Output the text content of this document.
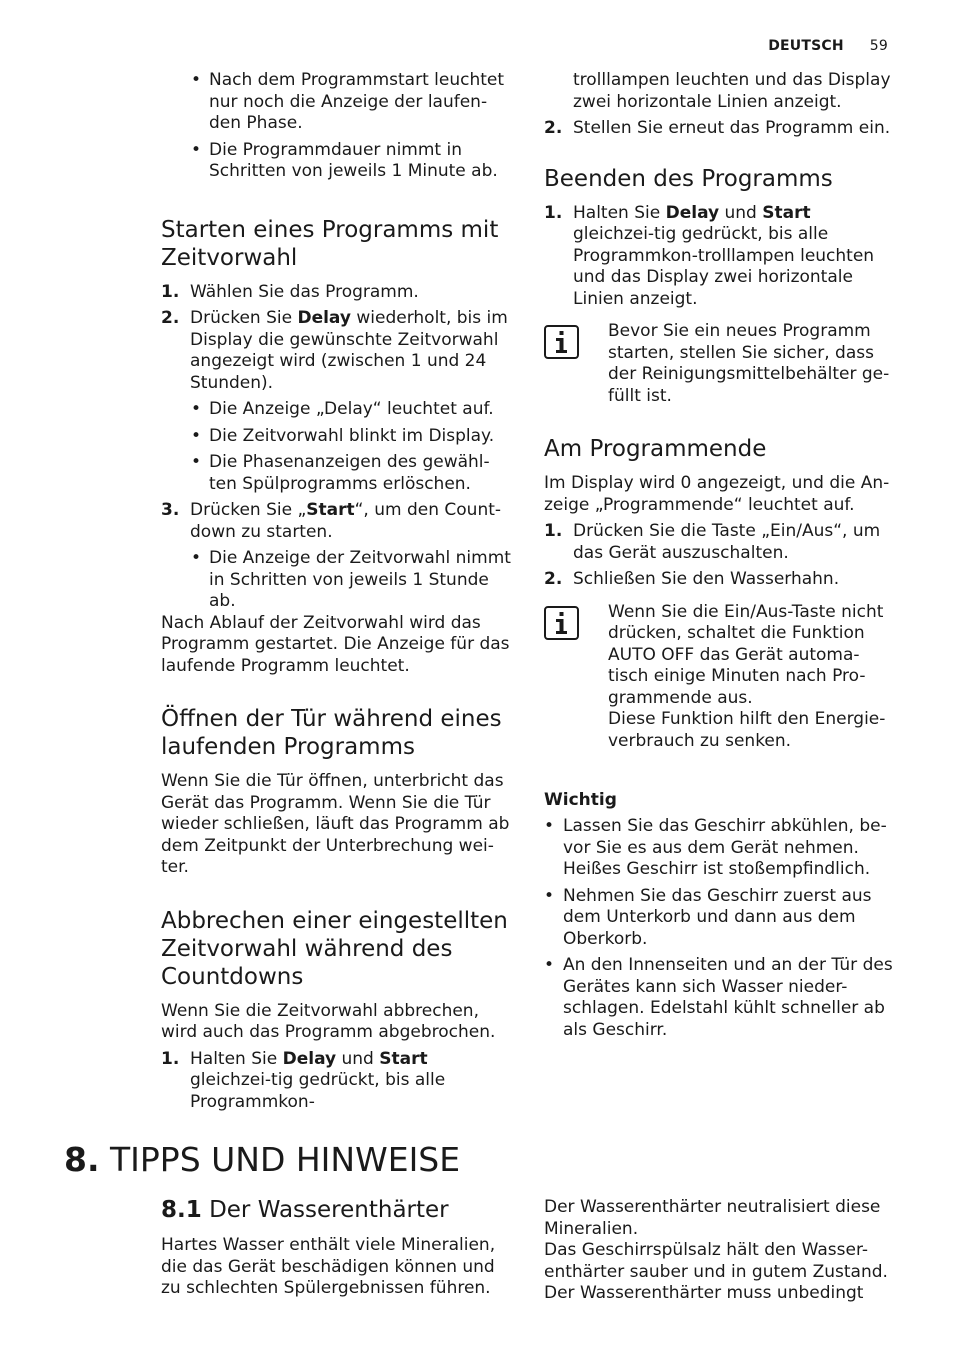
DEUTSCH 59
• Nach dem Programmstart leuchtet nur noch die Anzeige der laufen-den Phase.
• Die Programmdauer nimmt in Schritten von jeweils 1 Minute ab.
Starten eines Programms mit Zeitvorwahl
1. Wählen Sie das Programm.
2. Drücken Sie Delay wiederholt, bis im Display die gewünschte Zeitvorwahl angezeigt wird (zwischen 1 und 24 Stunden).
• Die Anzeige „Delay“ leuchtet auf.
• Die Zeitvorwahl blinkt im Display.
• Die Phasenanzeigen des gewähl-ten Spülprogramms erlöschen.
3. Drücken Sie „Start“, um den Count-down zu starten.
• Die Anzeige der Zeitvorwahl nimmt in Schritten von jeweils 1 Stunde ab.

Nach Ablauf der Zeitvorwahl wird das Programm gestartet. Die Anzeige für das laufende Programm leuchtet.

Öffnen der Tür während eines laufenden Programms

Wenn Sie die Tür öffnen, unterbricht das Gerät das Programm. Wenn Sie die Tür wieder schließen, läuft das Programm ab dem Zeitpunkt der Unterbrechung wei-ter.

Abbrechen einer eingestellten Zeitvorwahl während des Countdowns

Wenn Sie die Zeitvorwahl abbrechen, wird auch das Programm abgebrochen.

1. Halten Sie Delay und Start gleichzei-tig gedrückt, bis alle Programmkon-

trolllampen leuchten und das Display zwei horizontale Linien anzeigt.

2. Stellen Sie erneut das Programm ein.
Beenden des Programms
1. Halten Sie Delay und Start gleichzei-tig gedrückt, bis alle Programmkon-trolllampen leuchten und das Display zwei horizontale Linien anzeigt.

Bevor Sie ein neues Programm starten, stellen Sie sicher, dass der Reinigungsmittelbehälter ge-füllt ist.

Am Programmende

Im Display wird 0 angezeigt, und die An-zeige „Programmende“ leuchtet auf.

1. Drücken Sie die Taste „Ein/Aus“, um das Gerät auszuschalten.
2. Schließen Sie den Wasserhahn.

Wenn Sie die Ein/Aus-Taste nicht drücken, schaltet die Funktion AUTO OFF das Gerät automa-tisch einige Minuten nach Pro-grammende aus.

Diese Funktion hilft den Energie-verbrauch zu senken.

Wichtig
• Lassen Sie das Geschirr abkühlen, be-vor Sie es aus dem Gerät nehmen. Heißes Geschirr ist stoßempfindlich.
• Nehmen Sie das Geschirr zuerst aus dem Unterkorb und dann aus dem Oberkorb.
• An den Innenseiten und an der Tür des Gerätes kann sich Wasser nieder-schlagen. Edelstahl kühlt schneller ab als Geschirr.
8. TIPPS UND HINWEISE
8.1 Der Wasserenthärter

Hartes Wasser enthält viele Mineralien, die das Gerät beschädigen können und zu schlechten Spülergebnissen führen.

Der Wasserenthärter neutralisiert diese Mineralien.

Das Geschirrspülsalz hält den Wasser-enthärter sauber und in gutem Zustand.

Der Wasserenthärter muss unbedingt
